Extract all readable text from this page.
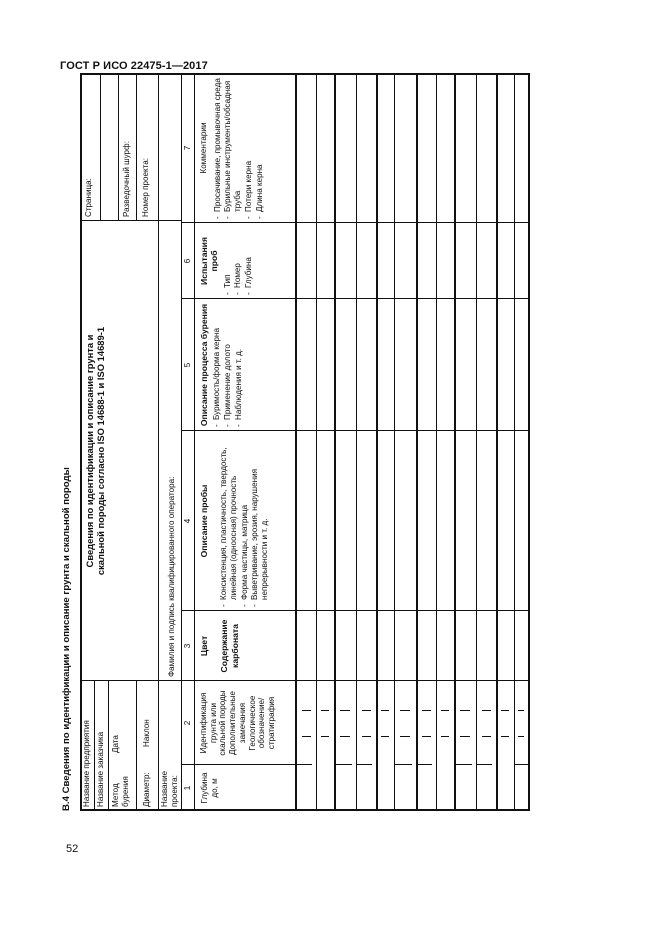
ГОСТ Р ИСО 22475-1—2017
52
В.4 Сведения по идентификации и описание грунта и скальной породы Название предприятия Название заказчика Метод бурения
Дата
Диаметр:
Наклон
Название проекта:
Сведения по идентификации и описание грунта и скальной породы согласно ISO 14688-1 и ISO 14689-1
Фамилия и подпись квалифицированного оператора:
Страница:	Разведочный шурф: Номер проекта:
1
2
3
4
5
6
7
Глубина до, м
Идентификация грунта или скальной породы Дополнительные замечания Геологическое обозначение/ стратиграфия
Цвет Содержание карбоната
Описание пробы - Консистенция, пластичность, твердость, линейная (одноосная) прочность - Форма частицы, матрица - Выветривание, эрозия, нарушения непрерывности и т. д.
Описание процесса бурения - Буримость/форма керна - Применение долото - Наблюдения и т. д.
Испытания проб
- Тип - Номер - Глубина
Комментарии - Просачивание, промывочная среда - Бурильные инструменты/обсадная труба - Потери керна - Длина керна
